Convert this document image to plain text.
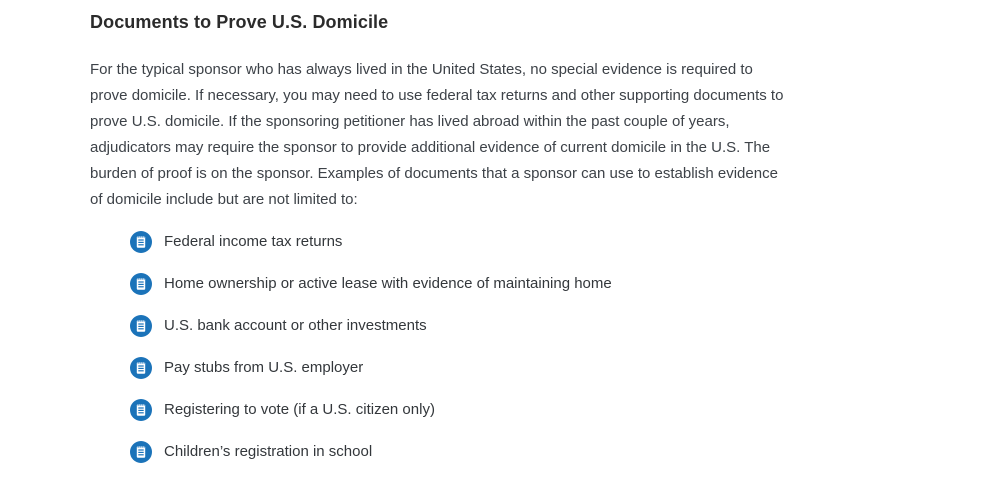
Documents to Prove U.S. Domicile

For the typical sponsor who has always lived in the United States, no special evidence is required to prove domicile. If necessary, you may need to use federal tax returns and other supporting documents to prove U.S. domicile. If the sponsoring petitioner has lived abroad within the past couple of years, adjudicators may require the sponsor to provide additional evidence of current domicile in the U.S. The burden of proof is on the sponsor. Examples of documents that a sponsor can use to establish evidence of domicile include but are not limited to:

Federal income tax returns
Home ownership or active lease with evidence of maintaining home
U.S. bank account or other investments
Pay stubs from U.S. employer
Registering to vote (if a U.S. citizen only)
Children’s registration in school
